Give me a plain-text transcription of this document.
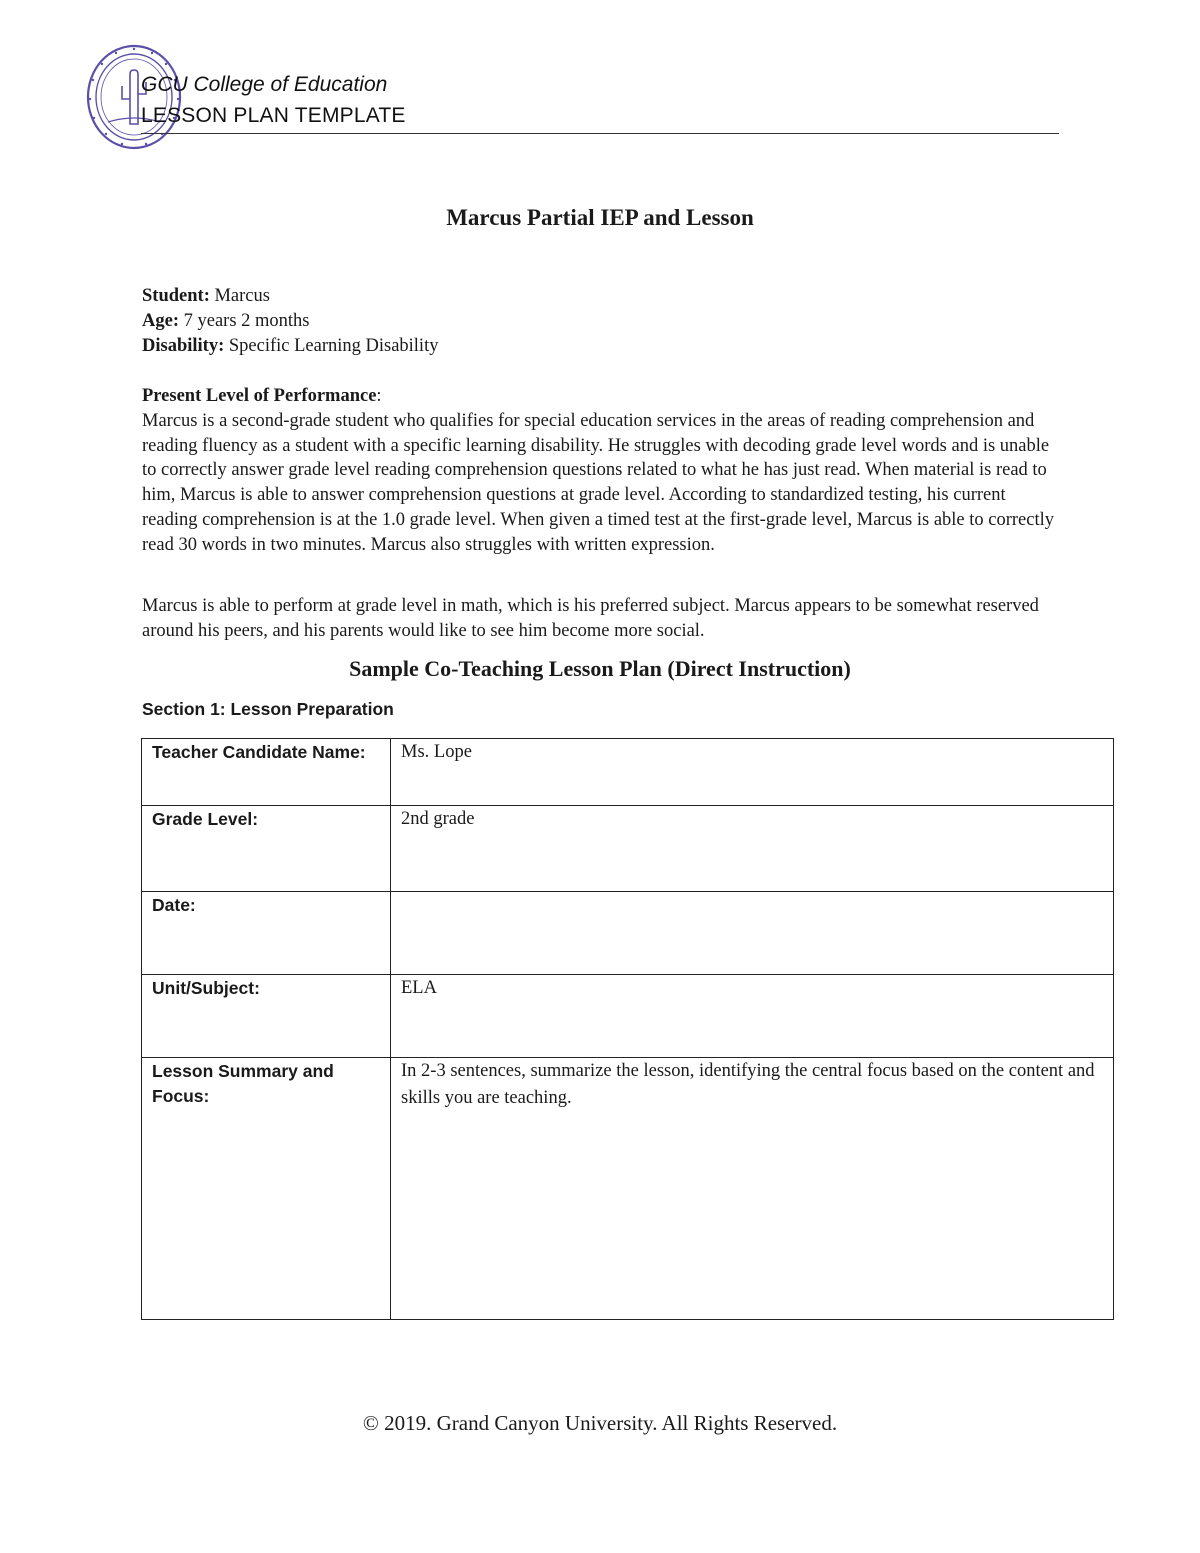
GCU College of Education
LESSON PLAN TEMPLATE
Marcus Partial IEP and Lesson
Student: Marcus
Age: 7 years 2 months
Disability: Specific Learning Disability
Present Level of Performance:
Marcus is a second-grade student who qualifies for special education services in the areas of reading comprehension and reading fluency as a student with a specific learning disability. He struggles with decoding grade level words and is unable to correctly answer grade level reading comprehension questions related to what he has just read. When material is read to him, Marcus is able to answer comprehension questions at grade level. According to standardized testing, his current reading comprehension is at the 1.0 grade level. When given a timed test at the first-grade level, Marcus is able to correctly read 30 words in two minutes. Marcus also struggles with written expression.
Marcus is able to perform at grade level in math, which is his preferred subject. Marcus appears to be somewhat reserved around his peers, and his parents would like to see him become more social.
Sample Co-Teaching Lesson Plan (Direct Instruction)
Section 1: Lesson Preparation
Teacher Candidate Name:	Ms. Lope
Grade Level:	2nd grade
Date:	
Unit/Subject:	ELA
Lesson Summary and Focus:	In 2-3 sentences, summarize the lesson, identifying the central focus based on the content and skills you are teaching.
© 2019. Grand Canyon University. All Rights Reserved.
